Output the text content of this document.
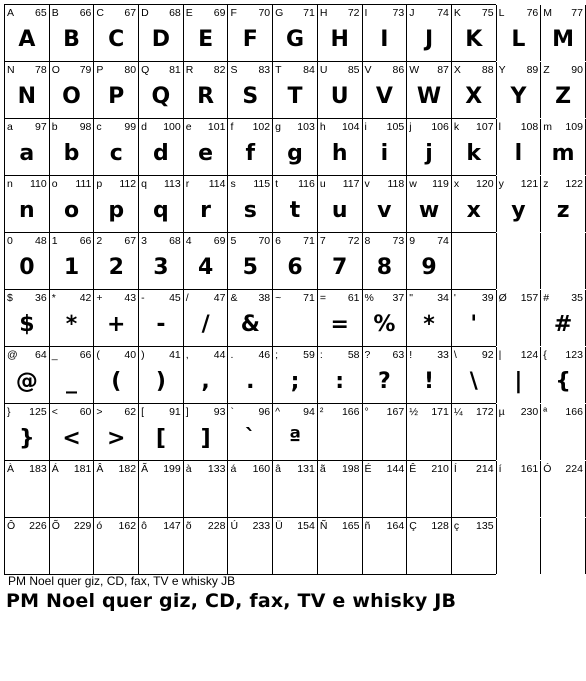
A 65
A
B 66
B
C 67
C
D 68
D
E 69
E
F 70
F
G 71
G
H 72
H
I 73
I
J 74
J
K 75
K
L 76
L
M 77
M
N 78
N
O 79
O
P 80
P
Q 81
Q
R 82
R
S 83
S
T 84
T
U 85
U
V 86
V
W 87
W
X 88
X
Y 89
Y
Z 90
Z
a 97
a
b 98
b
c 99
c
d 100
d
e 101
e
f 102
f
g 103
g
h 104
h
i 105
i
j 106
j
k 107
k
l 108
l
m 109
m
n 110
n
o 111
o
p 112
p
q 113
q
r 114
r
s 115
s
t 116
t
u 117
u
v 118
v
w 119
w
x 120
x
y 121
y
z 122
z
0 48
0
1 66
1
2 67
2
3 68
3
4 69
4
5 70
5
6 71
6
7 72
7
8 73
8
9 74
9
$ 36
$
* 42
*
+ 43
+
- 45
-
/ 47
/
& 38
&
~ 71 = 61
=
% 37
%
" 34
*
' 39
'
Ø 157 # 35
#
@ 64
@
_ 66
_
( 40
(
) 41
)
, 44
,
. 46
.
; 59
;
: 58
:
? 63
?
! 33
!
\ 92
\
| 124
|
{ 123
{
} 125
}
< 60
<
> 62
>
[ 91
[
] 93
]
` 96
`
^ 94
ª
² 166 ° 167 ½ 171 ¼ 172 µ 230 ª 166
À 183 Á 181 Â 182 Ã 199 à 133 á 160 â 131 ã 198 É 144 Ê 210 Í 214 í 161 Ó 224
Ô 226 Õ 229 ó 162 ô 147 õ 228 Ú 233 Ü 154 Ñ 165 ñ 164 Ç 128 ç 135
PM Noel quer giz, CD, fax, TV e whisky JB
PM Noel quer giz, CD, fax, TV e whisky JB
